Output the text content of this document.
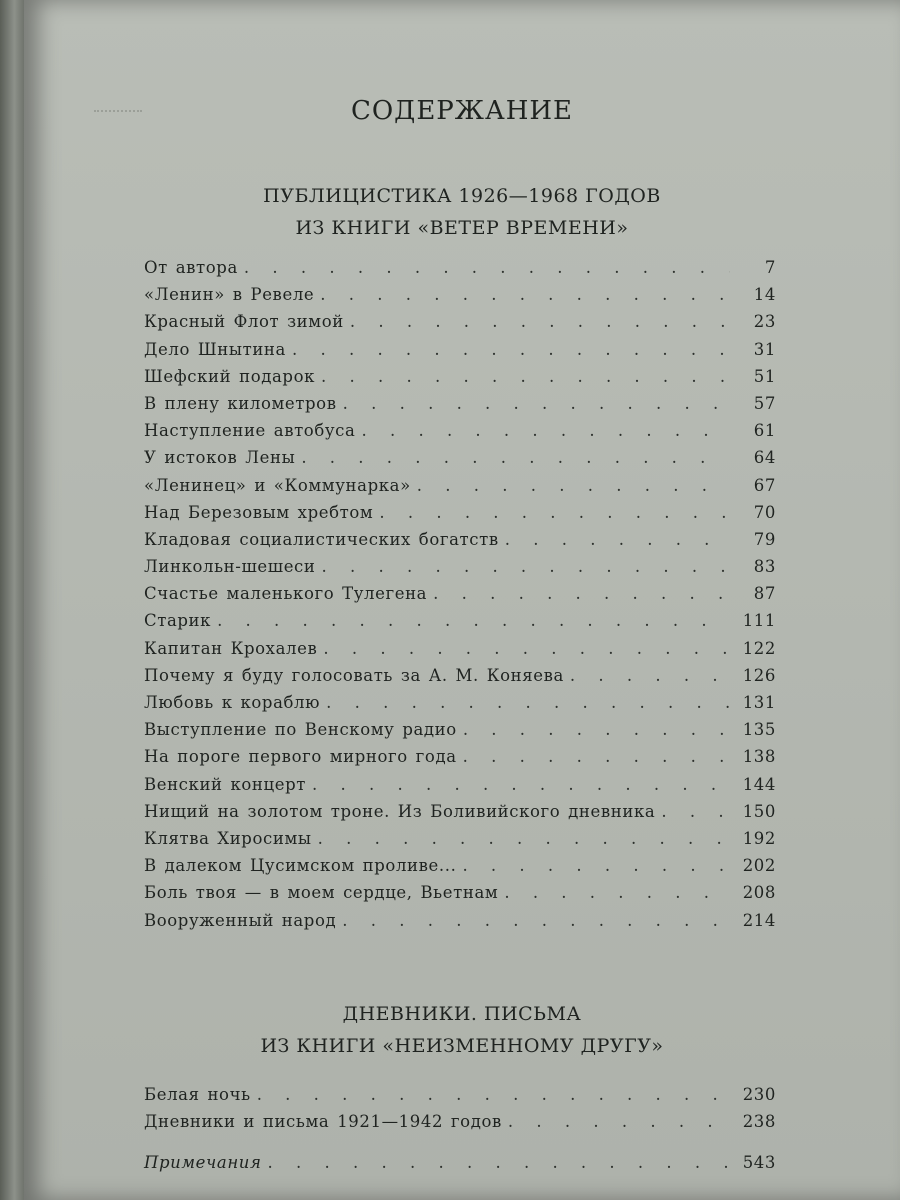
СОДЕРЖАНИЕ
ПУБЛИЦИСТИКА 1926—1968 ГОДОВ
ИЗ КНИГИ «ВЕТЕР ВРЕМЕНИ»
От автора . . .	7
«Ленин» в Ревеле . . .	14
Красный Флот зимой . . .	23
Дело Шнытина . . .	31
Шефский подарок . . .	51
В плену километров . . .	57
Наступление автобуса . . .	61
У истоков Лены . . .	64
«Ленинец» и «Коммунарка» . . .	67
Над Березовым хребтом . . .	70
Кладовая социалистических богатств . . .	79
Линкольн-шешеси . . .	83
Счастье маленького Тулегена . . .	87
Старик . . .	111
Капитан Крохалев . . .	122
Почему я буду голосовать за А. М. Коняева . . .	126
Любовь к кораблю . . .	131
Выступление по Венскому радио . . .	135
На пороге первого мирного года . . .	138
Венский концерт . . .	144
Нищий на золотом троне. Из Боливийского дневника . . .	150
Клятва Хиросимы . . .	192
В далеком Цусимском проливе... . . .	202
Боль твоя — в моем сердце, Вьетнам . . .	208
Вооруженный народ . . .	214
ДНЕВНИКИ. ПИСЬМА
ИЗ КНИГИ «НЕИЗМЕННОМУ ДРУГУ»
Белая ночь . . .	230
Дневники и письма 1921—1942 годов . . .	238
Примечания . . .	543
